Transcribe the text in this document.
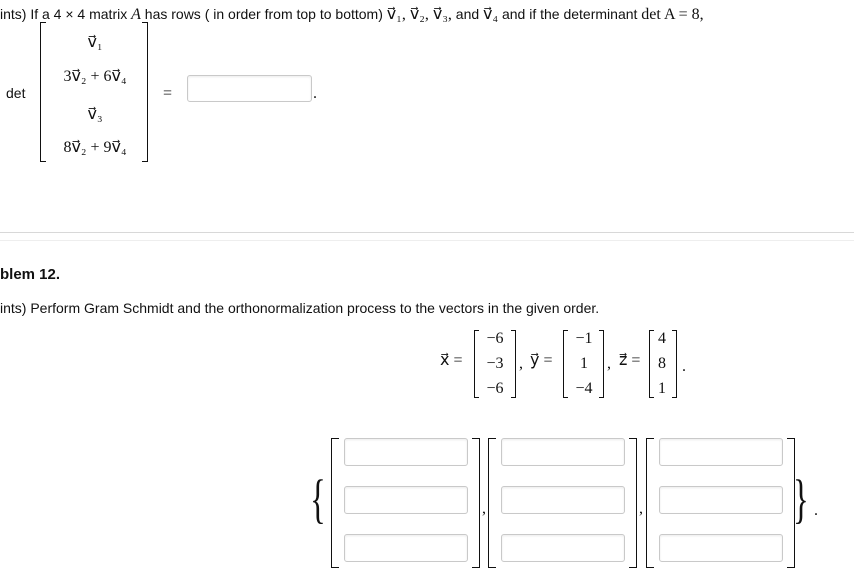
ints) If a 4 × 4 matrix A has rows ( in order from top to bottom) v⃗₁, v⃗₂, v⃗₃, and v⃗₄ and if the determinant det A = 8,
det
v⃗₁
3v⃗₂ + 6v⃗₄
v⃗₃
8v⃗₂ + 9v⃗₄
=	.
blem 12.
ints) Perform Gram Schmidt and the orthonormalization process to the vectors in the given order.
x⃗ =
−6
−3
−6
, y⃗ =
−1
1
−4
, z⃗ =
4
8
1
.
{	} .
,	,
